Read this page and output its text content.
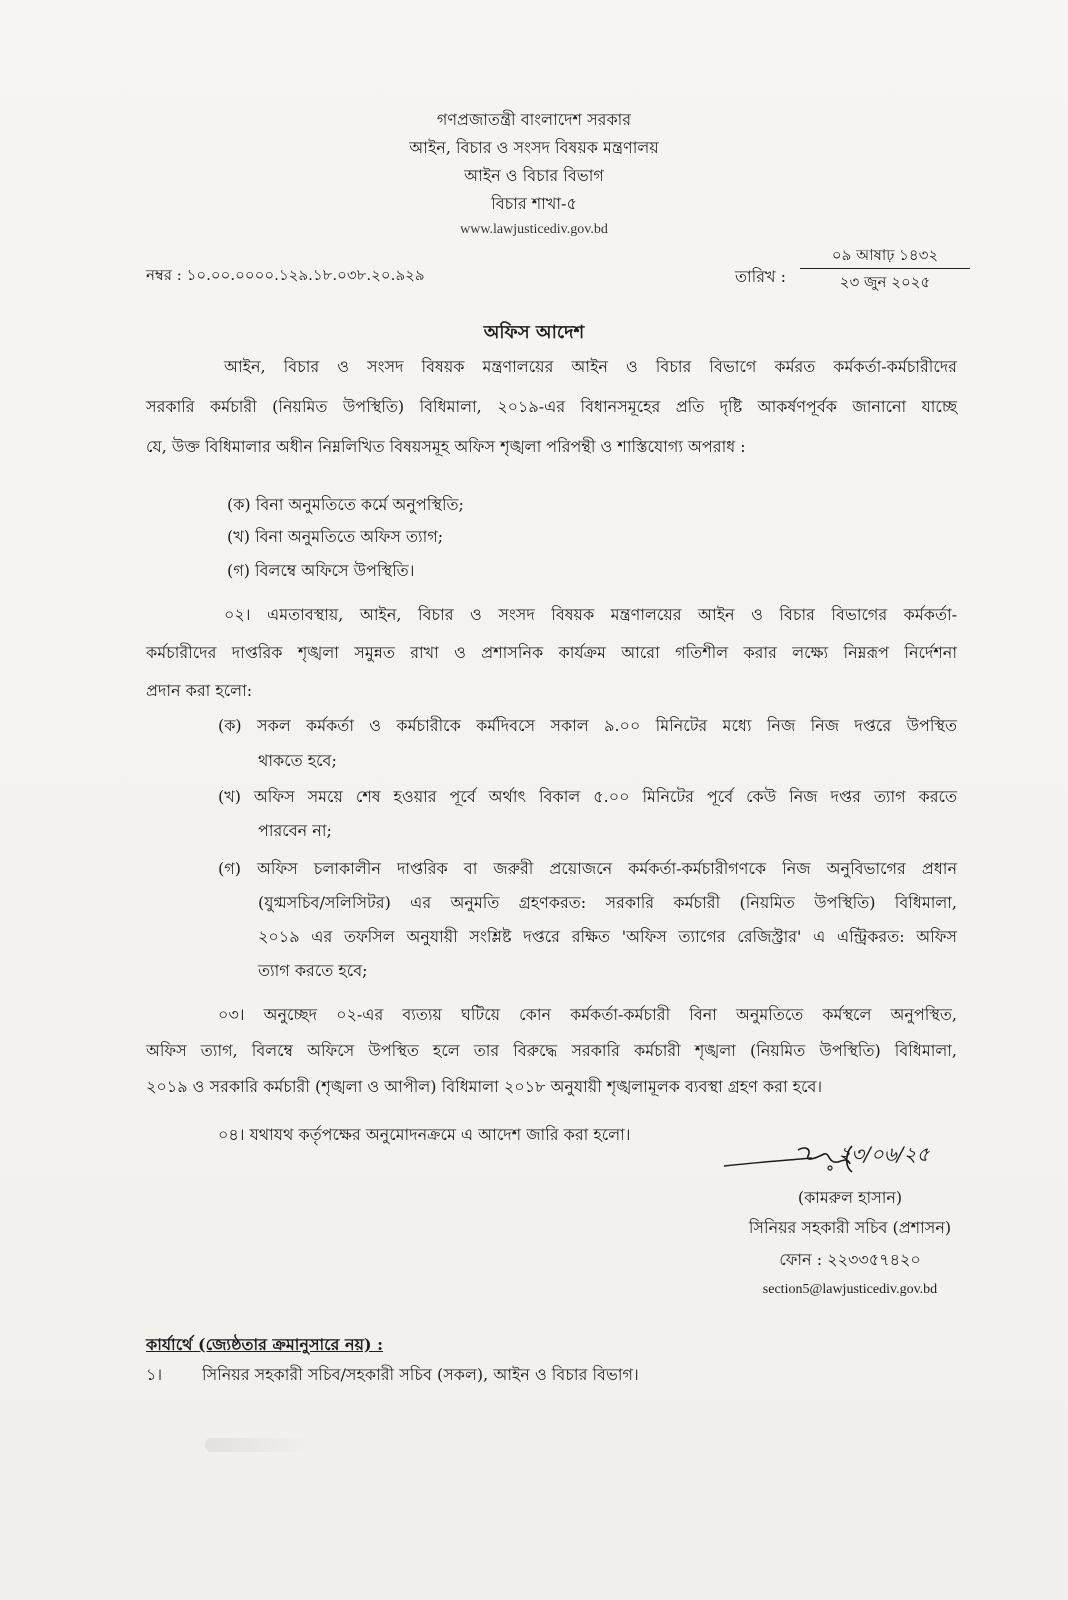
গণপ্রজাতন্ত্রী বাংলাদেশ সরকার
আইন, বিচার ও সংসদ বিষয়ক মন্ত্রণালয়
আইন ও বিচার বিভাগ
বিচার শাখা-৫
www.lawjusticediv.gov.bd
নম্বর : ১০.০০.০০০০.১২৯.১৮.০৩৮.২০.৯২৯	তারিখ :
০৯ আষাঢ় ১৪৩২
২৩ জুন ২০২৫
অফিস আদেশ
আইন, বিচার ও সংসদ বিষয়ক মন্ত্রণালয়ের আইন ও বিচার বিভাগে কর্মরত কর্মকর্তা-কর্মচারীদের
সরকারি কর্মচারী (নিয়মিত উপস্থিতি) বিধিমালা, ২০১৯-এর বিধানসমূহের প্রতি দৃষ্টি আকর্ষণপূর্বক জানানো যাচ্ছে
যে, উক্ত বিধিমালার অধীন নিম্নলিখিত বিষয়সমূহ অফিস শৃঙ্খলা পরিপন্থী ও শাস্তিযোগ্য অপরাধ :
(ক) বিনা অনুমতিতে কর্মে অনুপস্থিতি;
(খ) বিনা অনুমতিতে অফিস ত্যাগ;
(গ) বিলম্বে অফিসে উপস্থিতি।
০২। এমতাবস্থায়, আইন, বিচার ও সংসদ বিষয়ক মন্ত্রণালয়ের আইন ও বিচার বিভাগের কর্মকর্তা-
কর্মচারীদের দাপ্তরিক শৃঙ্খলা সমুন্নত রাখা ও প্রশাসনিক কার্যক্রম আরো গতিশীল করার লক্ষ্যে নিম্নরূপ নির্দেশনা
প্রদান করা হলো:
(ক) সকল কর্মকর্তা ও কর্মচারীকে কর্মদিবসে সকাল ৯.০০ মিনিটের মধ্যে নিজ নিজ দপ্তরে উপস্থিত
থাকতে হবে;
(খ) অফিস সময়ে শেষ হওয়ার পূর্বে অর্থাৎ বিকাল ৫.০০ মিনিটের পূর্বে কেউ নিজ দপ্তর ত্যাগ করতে
পারবেন না;
(গ) অফিস চলাকালীন দাপ্তরিক বা জরুরী প্রয়োজনে কর্মকর্তা-কর্মচারীগণকে নিজ অনুবিভাগের প্রধান
(যুগ্মসচিব/সলিসিটর) এর অনুমতি গ্রহণকরত: সরকারি কর্মচারী (নিয়মিত উপস্থিতি) বিধিমালা,
২০১৯ এর তফসিল অনুযায়ী সংশ্লিষ্ট দপ্তরে রক্ষিত 'অফিস ত্যাগের রেজিস্ট্রার' এ এন্ট্রিকরত: অফিস
ত্যাগ করতে হবে;
০৩। অনুচ্ছেদ ০২-এর ব্যত্যয় ঘটিয়ে কোন কর্মকর্তা-কর্মচারী বিনা অনুমতিতে কর্মস্থলে অনুপস্থিত,
অফিস ত্যাগ, বিলম্বে অফিসে উপস্থিত হলে তার বিরুদ্ধে সরকারি কর্মচারী শৃঙ্খলা (নিয়মিত উপস্থিতি) বিধিমালা,
২০১৯ ও সরকারি কর্মচারী (শৃঙ্খলা ও আপীল) বিধিমালা ২০১৮ অনুযায়ী শৃঙ্খলামূলক ব্যবস্থা গ্রহণ করা হবে।
০৪। যথাযথ কর্তৃপক্ষের অনুমোদনক্রমে এ আদেশ জারি করা হলো।
২৩/০৬/২৫
(কামরুল হাসান)
সিনিয়র সহকারী সচিব (প্রশাসন)
ফোন : ২২৩৩৫৭৪২০
section5@lawjusticediv.gov.bd
কার্যার্থে (জ্যেষ্ঠতার ক্রমানুসারে নয়) :
১। সিনিয়র সহকারী সচিব/সহকারী সচিব (সকল), আইন ও বিচার বিভাগ।
